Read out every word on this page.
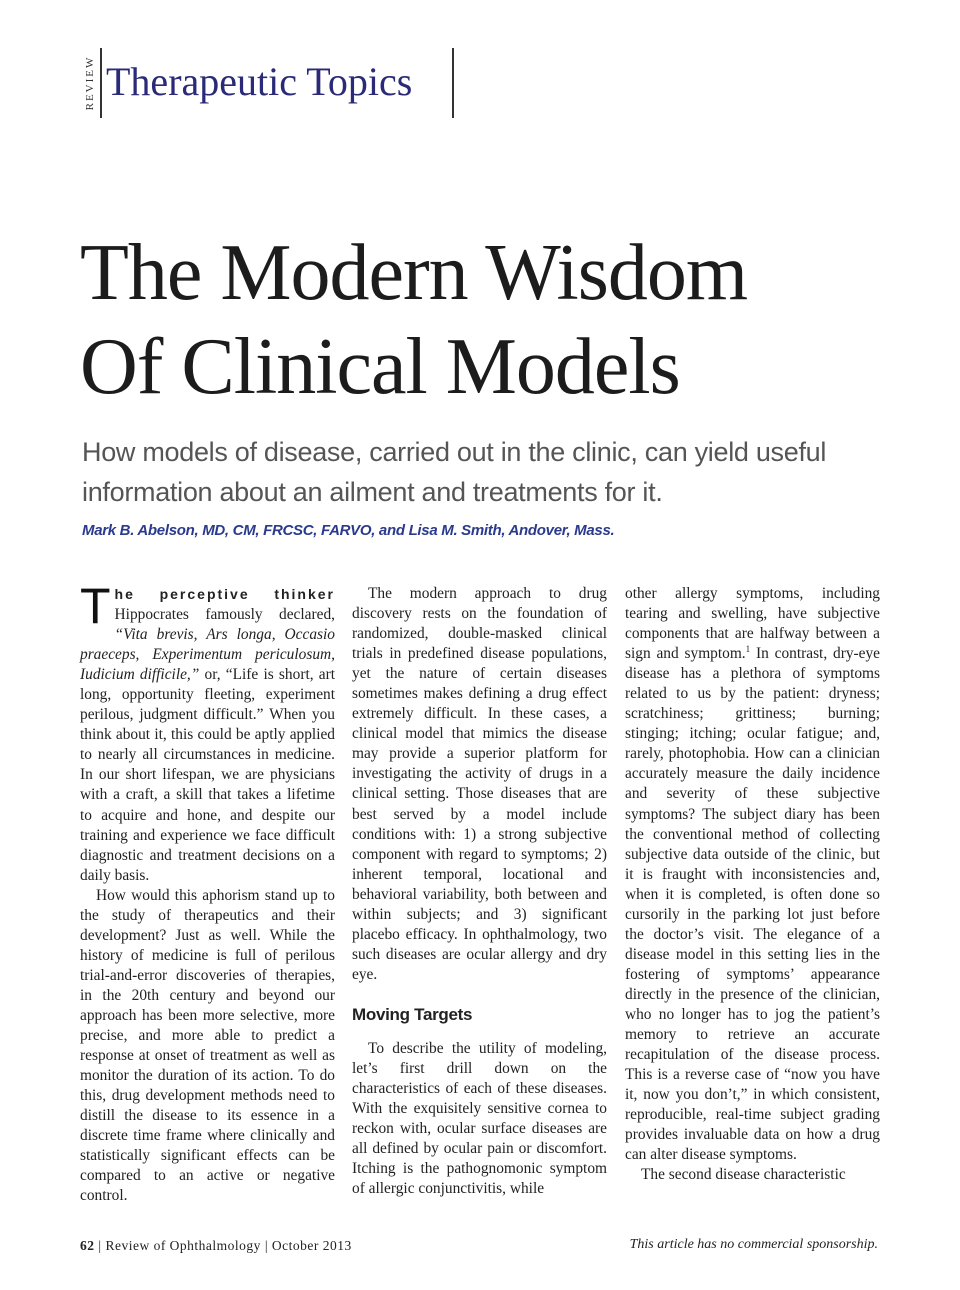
REVIEW Therapeutic Topics
The Modern Wisdom
Of Clinical Models
How models of disease, carried out in the clinic, can yield useful information about an ailment and treatments for it.
Mark B. Abelson, MD, CM, FRCSC, FARVO, and Lisa M. Smith, Andover, Mass.

The perceptive thinker Hippocrates famously declared, “Vita brevis, Ars longa, Occasio praeceps, Experimentum periculosum, Iudicium difficile,” or, “Life is short, art long, opportunity fleeting, experiment perilous, judgment difficult.” When you think about it, this could be aptly applied to nearly all circumstances in medicine. In our short lifespan, we are physicians with a craft, a skill that takes a lifetime to acquire and hone, and despite our training and experience we face difficult diagnostic and treatment decisions on a daily basis.

How would this aphorism stand up to the study of therapeutics and their development? Just as well. While the history of medicine is full of perilous trial-and-error discoveries of therapies, in the 20th century and beyond our approach has been more selective, more precise, and more able to predict a response at onset of treatment as well as monitor the duration of its action. To do this, drug development methods need to distill the disease to its essence in a discrete time frame where clinically and statistically significant effects can be compared to an active or negative control.

The modern approach to drug discovery rests on the foundation of randomized, double-masked clinical trials in predefined disease populations, yet the nature of certain diseases sometimes makes defining a drug effect extremely difficult. In these cases, a clinical model that mimics the disease may provide a superior platform for investigating the activity of drugs in a clinical setting. Those diseases that are best served by a model include conditions with: 1) a strong subjective component with regard to symptoms; 2) inherent temporal, locational and behavioral variability, both between and within subjects; and 3) significant placebo efficacy. In ophthalmology, two such diseases are ocular allergy and dry eye.

Moving Targets

To describe the utility of modeling, let’s first drill down on the characteristics of each of these diseases. With the exquisitely sensitive cornea to reckon with, ocular surface diseases are all defined by ocular pain or discomfort. Itching is the pathognomonic symptom of allergic conjunctivitis, while

other allergy symptoms, including tearing and swelling, have subjective components that are halfway between a sign and symptom.$^1$ In contrast, dry-eye disease has a plethora of symptoms related to us by the patient: dryness; scratchiness; grittiness; burning; stinging; itching; ocular fatigue; and, rarely, photophobia. How can a clinician accurately measure the daily incidence and severity of these subjective symptoms? The subject diary has been the conventional method of collecting subjective data outside of the clinic, but it is fraught with inconsistencies and, when it is completed, is often done so cursorily in the parking lot just before the doctor’s visit. The elegance of a disease model in this setting lies in the fostering of symptoms’ appearance directly in the presence of the clinician, who no longer has to jog the patient’s memory to retrieve an accurate recapitulation of the disease process. This is a reverse case of “now you have it, now you don’t,” in which consistent, reproducible, real-time subject grading provides invaluable data on how a drug can alter disease symptoms.

The second disease characteristic

62 | Review of Ophthalmology | October 2013	This article has no commercial sponsorship.
